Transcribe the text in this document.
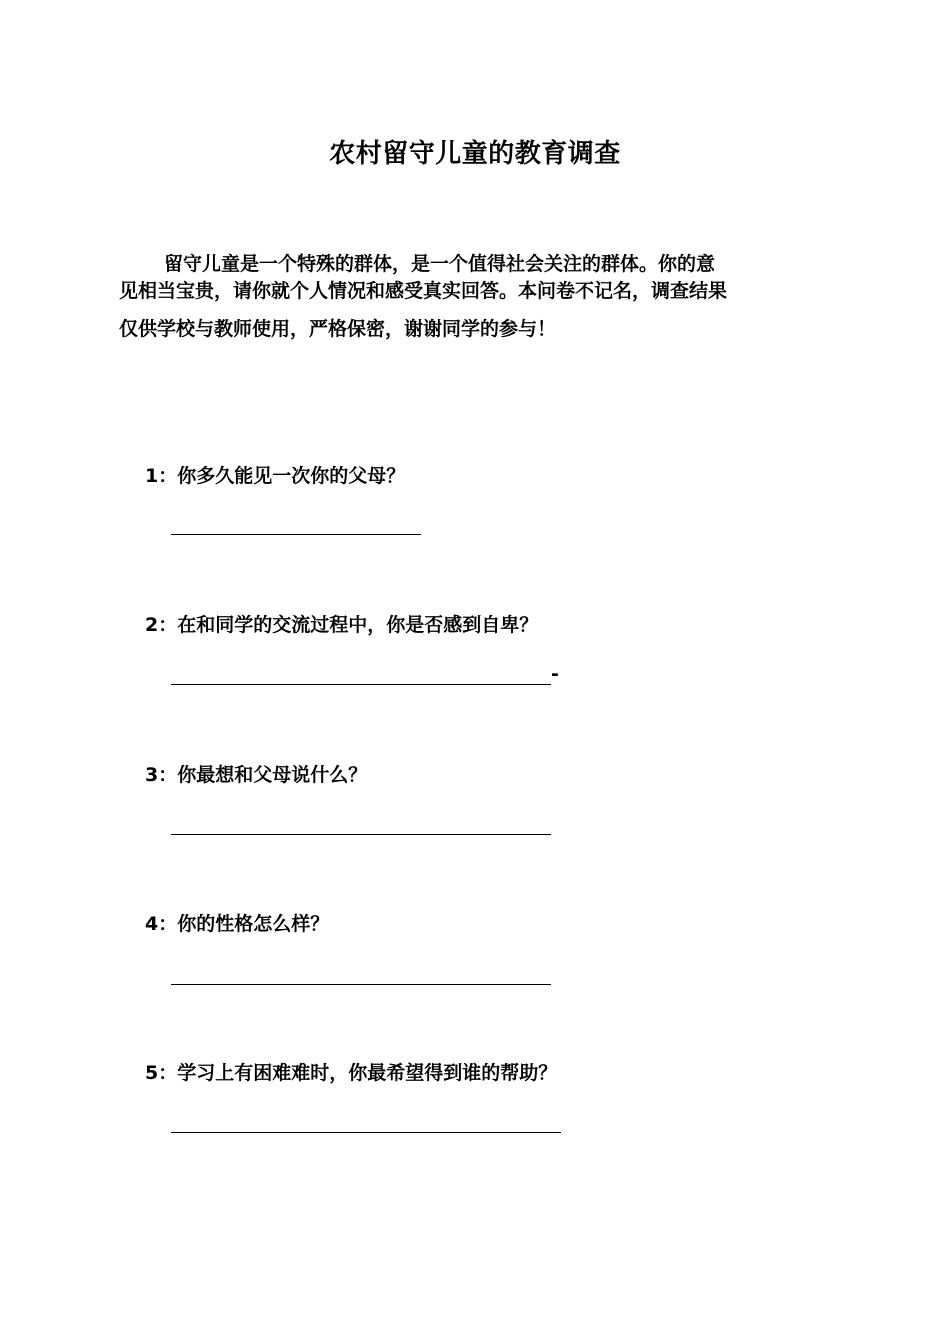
农村留守儿童的教育调查
留守儿童是一个特殊的群体，是一个值得社会关注的群体。你的意
见相当宝贵，请你就个人情况和感受真实回答。本问卷不记名，调查结果
仅供学校与教师使用，严格保密，谢谢同学的参与！
1：你多久能见一次你的父母？
2：在和同学的交流过程中，你是否感到自卑？
-
3：你最想和父母说什么？
4：你的性格怎么样？
5：学习上有困难难时，你最希望得到谁的帮助？
